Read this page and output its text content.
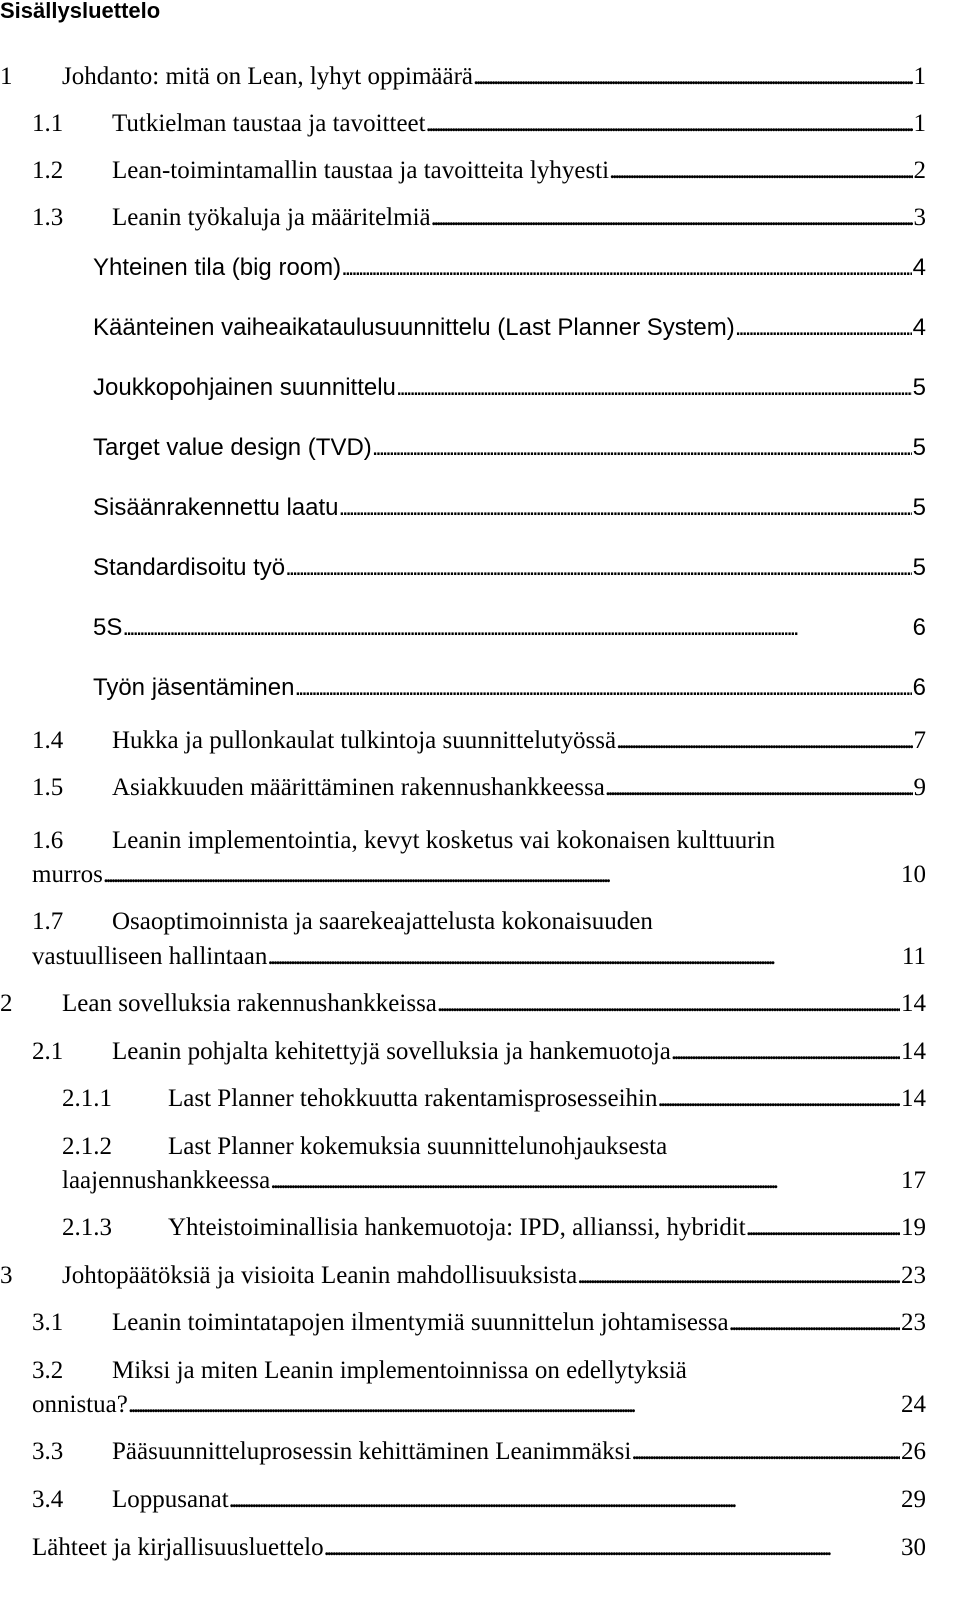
Sisällysluettelo
1 Johdanto: mitä on Lean, lyhyt oppimäärä . . .	1
1.1 Tutkielman taustaa ja tavoitteet . . .	1
1.2 Lean-toimintamallin taustaa ja tavoitteita lyhyesti . . .	2
1.3 Leanin työkaluja ja määritelmiä . . .	3
Yhteinen tila (big room) . . .	4
Käänteinen vaiheaikataulusuunnittelu (Last Planner System) . . .	4
Joukkopohjainen suunnittelu . . .	5
Target value design (TVD) . . .	5
Sisäänrakennettu laatu . . .	5
Standardisoitu työ . . .	5
5S . . .	6
Työn jäsentäminen . . .	6
1.4 Hukka ja pullonkaulat tulkintoja suunnittelutyössä . . .	7
1.5 Asiakkuuden määrittäminen rakennushankkeessa . . .	9
1.6 Leanin implementointia, kevyt kosketus vai kokonaisen kulttuurin
murros . . .	10
1.7 Osaoptimoinnista ja saarekeajattelusta kokonaisuuden
vastuulliseen hallintaan . . .	11
2 Lean sovelluksia rakennushankkeissa . . .	14
2.1 Leanin pohjalta kehitettyjä sovelluksia ja hankemuotoja . . .	14
2.1.1 Last Planner tehokkuutta rakentamisprosesseihin . . .	14
2.1.2 Last Planner kokemuksia suunnittelunohjauksesta
laajennushankkeessa . . .	17
2.1.3 Yhteistoiminallisia hankemuotoja: IPD, allianssi, hybridit . . .	19
3 Johtopäätöksiä ja visioita Leanin mahdollisuuksista . . .	23
3.1 Leanin toimintatapojen ilmentymiä suunnittelun johtamisessa . . .	23
3.2 Miksi ja miten Leanin implementoinnissa on edellytyksiä
onnistua? . . .	24
3.3 Pääsuunnitteluprosessin kehittäminen Leanimmäksi . . .	26
3.4 Loppusanat . . .	29
Lähteet ja kirjallisuusluettelo . . .	30
